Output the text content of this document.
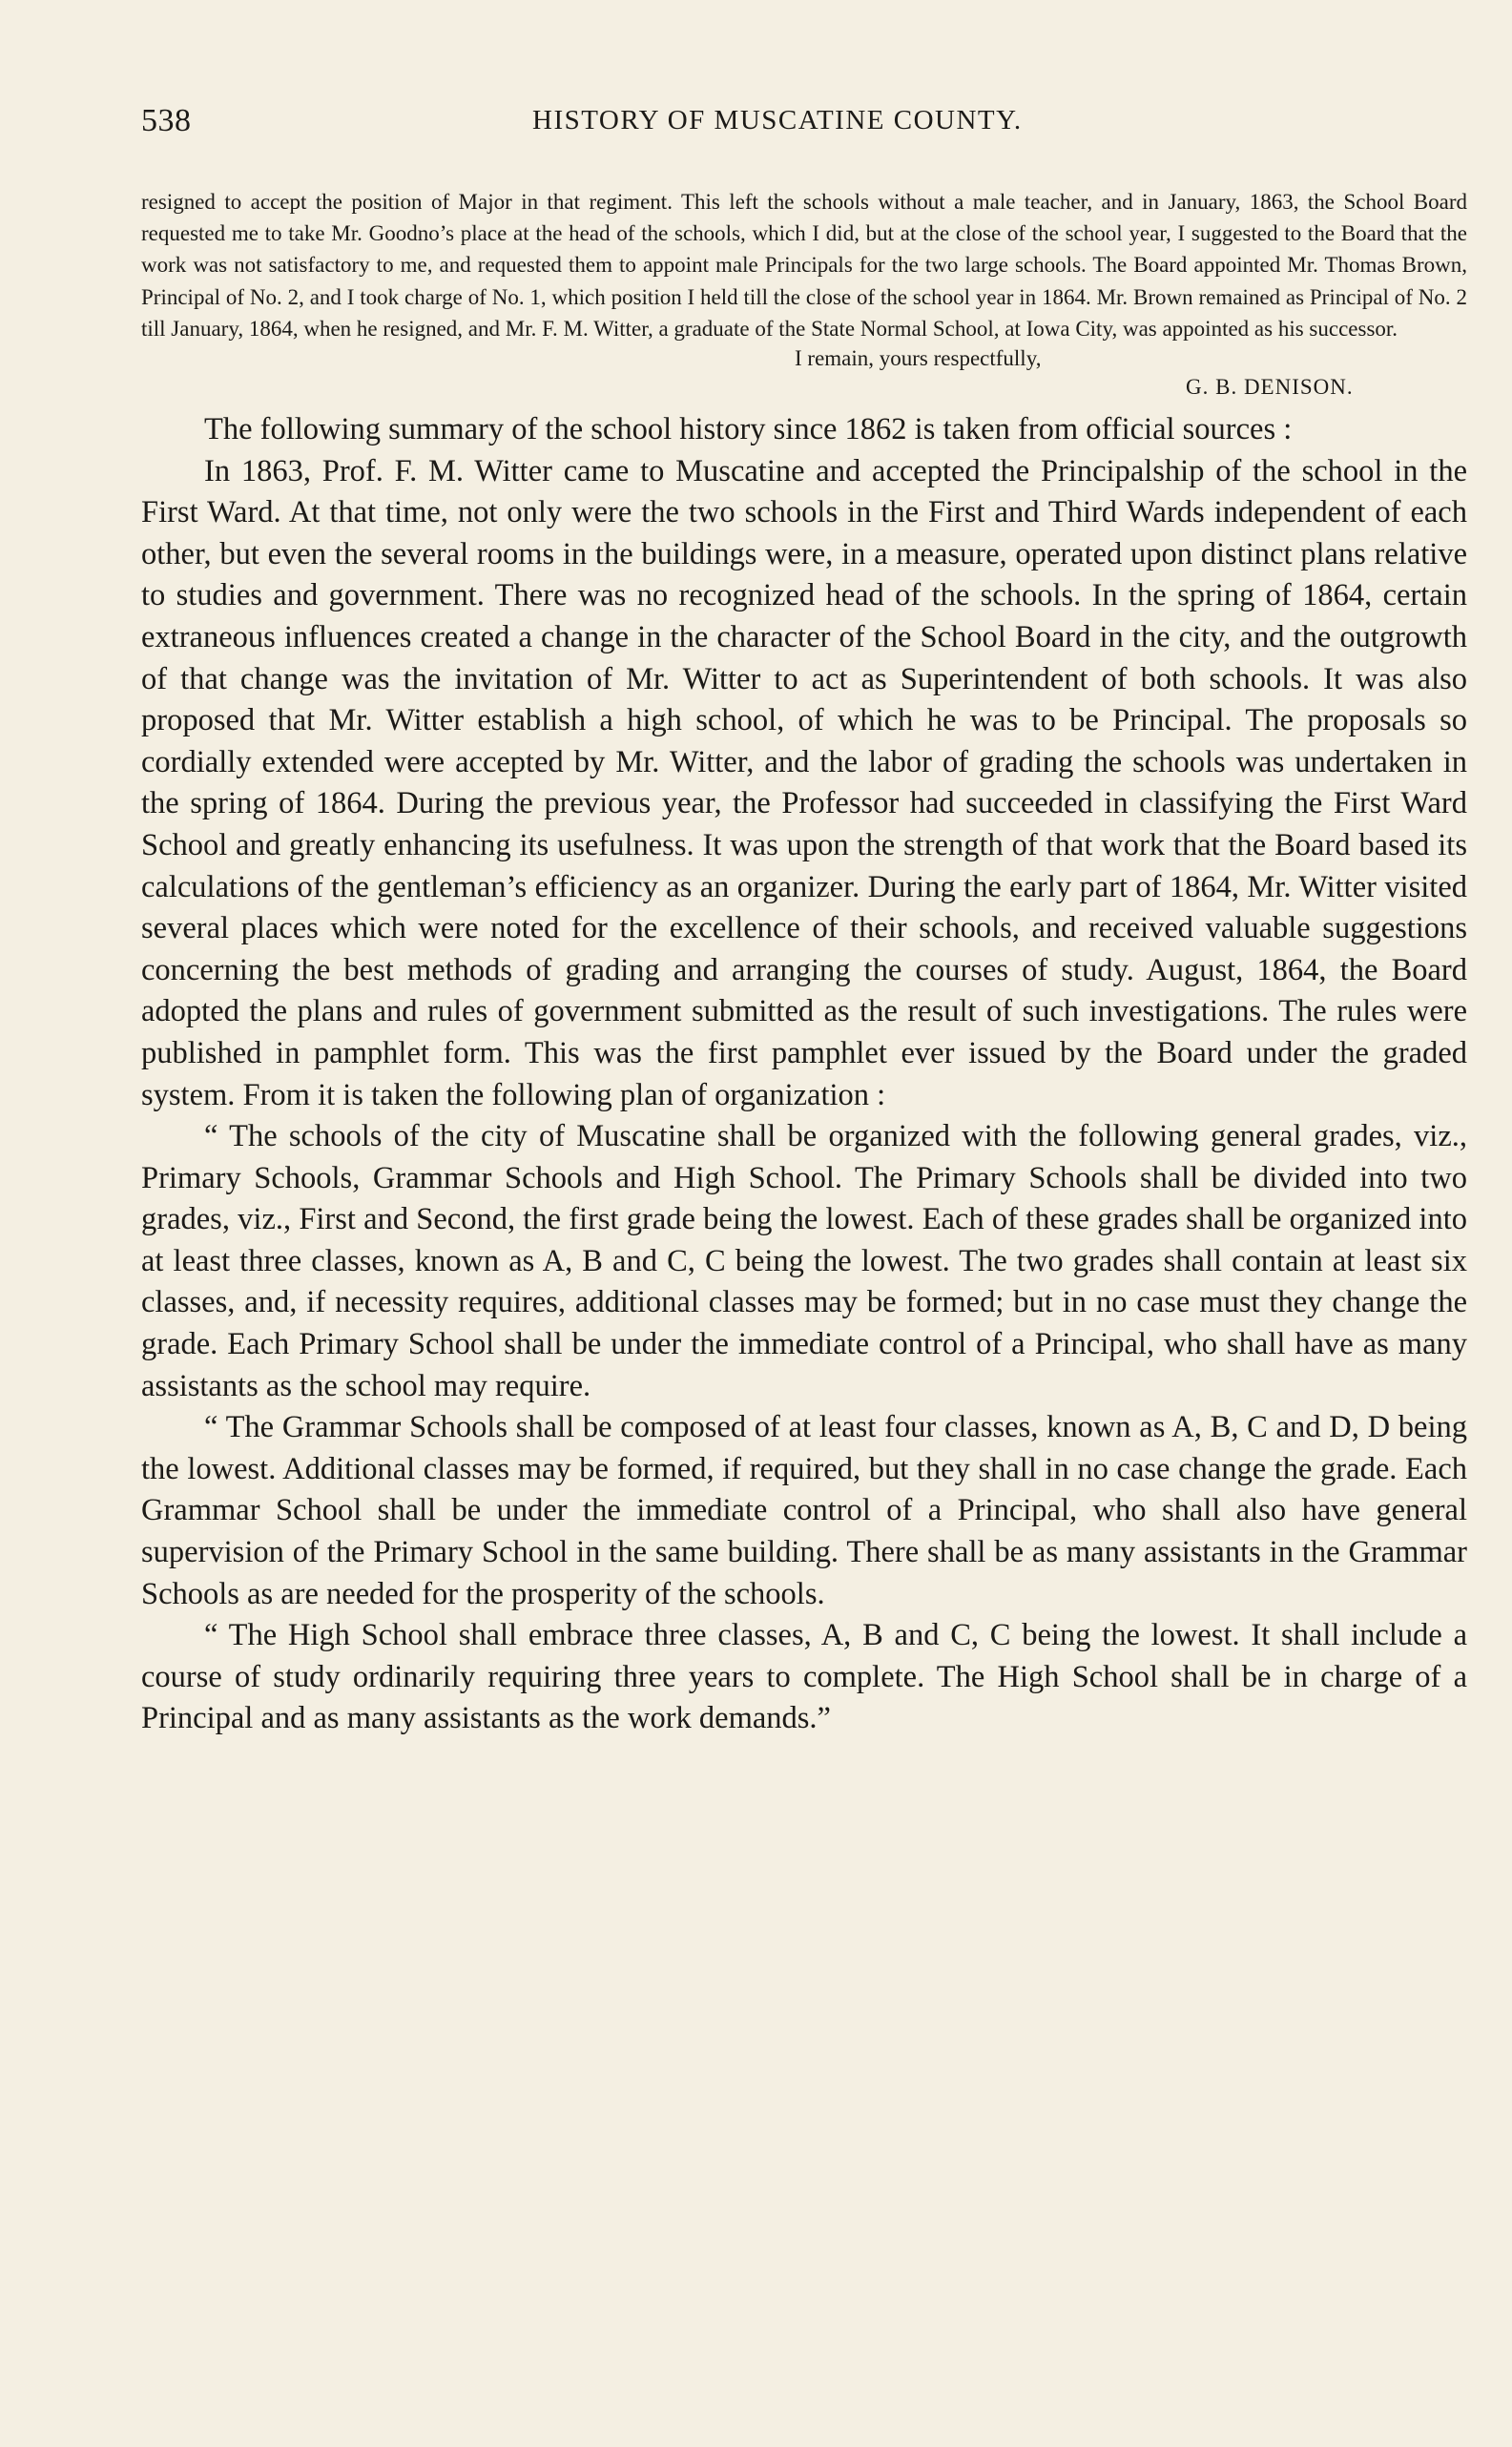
538	HISTORY OF MUSCATINE COUNTY.

resigned to accept the position of Major in that regiment. This left the schools without a male teacher, and in January, 1863, the School Board requested me to take Mr. Goodno’s place at the head of the schools, which I did, but at the close of the school year, I suggested to the Board that the work was not satisfactory to me, and requested them to appoint male Principals for the two large schools. The Board appointed Mr. Thomas Brown, Principal of No. 2, and I took charge of No. 1, which position I held till the close of the school year in 1864. Mr. Brown remained as Principal of No. 2 till January, 1864, when he resigned, and Mr. F. M. Witter, a graduate of the State Normal School, at Iowa City, was appointed as his successor.

I remain, yours respectfully,
G. B. DENISON.

The following summary of the school history since 1862 is taken from official sources :

In 1863, Prof. F. M. Witter came to Muscatine and accepted the Principalship of the school in the First Ward. At that time, not only were the two schools in the First and Third Wards independent of each other, but even the several rooms in the buildings were, in a measure, operated upon distinct plans relative to studies and government. There was no recognized head of the schools. In the spring of 1864, certain extraneous influences created a change in the character of the School Board in the city, and the outgrowth of that change was the invitation of Mr. Witter to act as Superintendent of both schools. It was also proposed that Mr. Witter establish a high school, of which he was to be Principal. The proposals so cordially extended were accepted by Mr. Witter, and the labor of grading the schools was undertaken in the spring of 1864. During the previous year, the Professor had succeeded in classifying the First Ward School and greatly enhancing its usefulness. It was upon the strength of that work that the Board based its calculations of the gentleman’s efficiency as an organizer. During the early part of 1864, Mr. Witter visited several places which were noted for the excellence of their schools, and received valuable suggestions concerning the best methods of grading and arranging the courses of study. August, 1864, the Board adopted the plans and rules of government submitted as the result of such investigations. The rules were published in pamphlet form. This was the first pamphlet ever issued by the Board under the graded system. From it is taken the following plan of organization :

“ The schools of the city of Muscatine shall be organized with the following general grades, viz., Primary Schools, Grammar Schools and High School. The Primary Schools shall be divided into two grades, viz., First and Second, the first grade being the lowest. Each of these grades shall be organized into at least three classes, known as A, B and C, C being the lowest. The two grades shall contain at least six classes, and, if necessity requires, additional classes may be formed; but in no case must they change the grade. Each Primary School shall be under the immediate control of a Principal, who shall have as many assistants as the school may require.

“ The Grammar Schools shall be composed of at least four classes, known as A, B, C and D, D being the lowest. Additional classes may be formed, if required, but they shall in no case change the grade. Each Grammar School shall be under the immediate control of a Principal, who shall also have general supervision of the Primary School in the same building. There shall be as many assistants in the Grammar Schools as are needed for the prosperity of the schools.

“ The High School shall embrace three classes, A, B and C, C being the lowest. It shall include a course of study ordinarily requiring three years to complete. The High School shall be in charge of a Principal and as many assistants as the work demands.”
